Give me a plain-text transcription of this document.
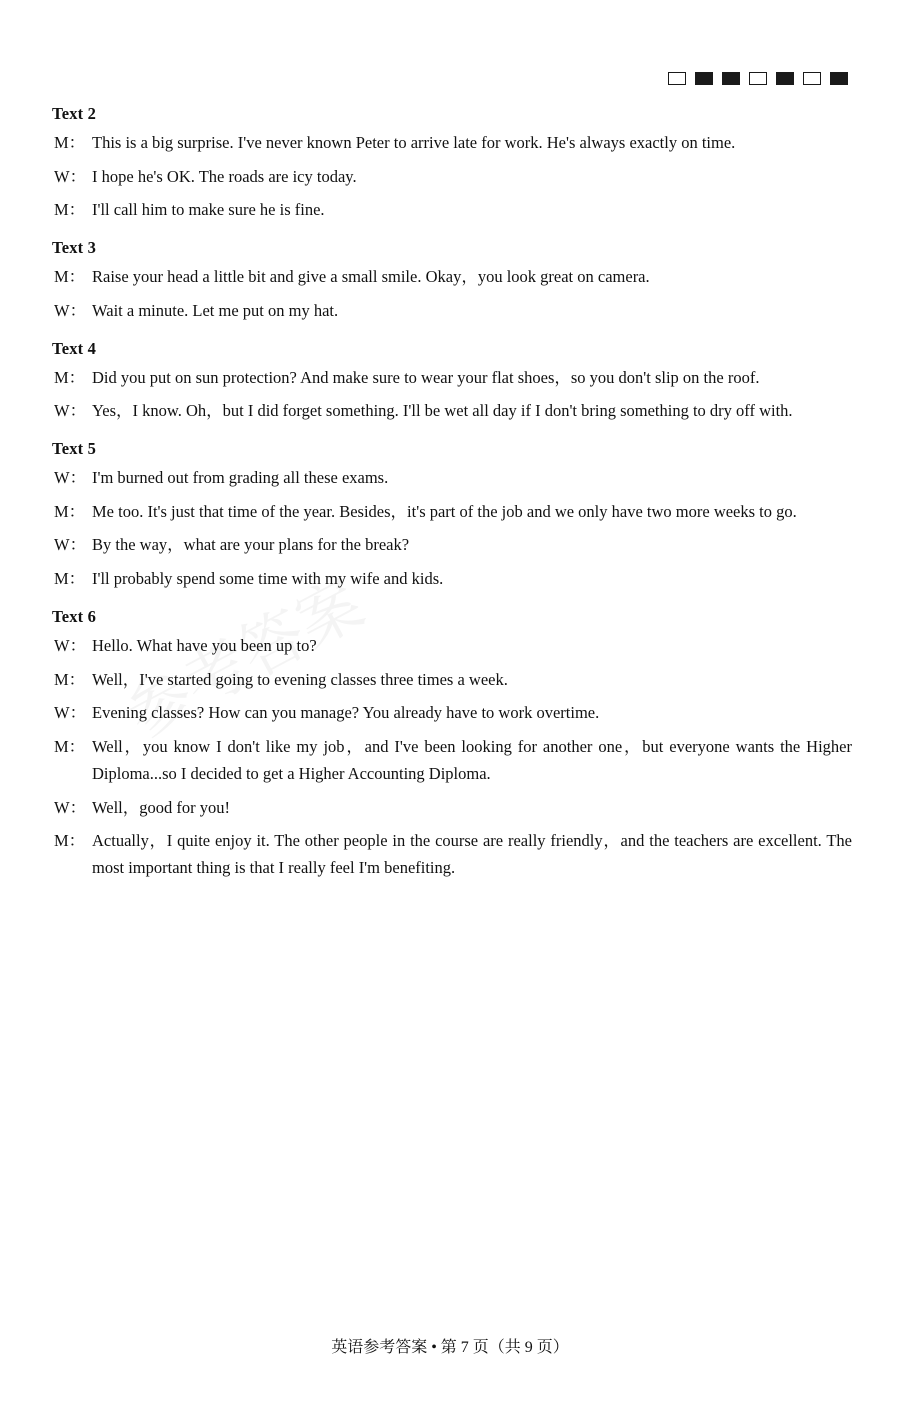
Text 2
M： This is a big surprise. I've never known Peter to arrive late for work. He's always exactly on time.
W： I hope he's OK. The roads are icy today.
M： I'll call him to make sure he is fine.
Text 3
M： Raise your head a little bit and give a small smile. Okay，you look great on camera.
W： Wait a minute. Let me put on my hat.
Text 4
M： Did you put on sun protection? And make sure to wear your flat shoes，so you don't slip on the roof.
W： Yes，I know. Oh，but I did forget something. I'll be wet all day if I don't bring something to dry off with.
Text 5
W： I'm burned out from grading all these exams.
M： Me too. It's just that time of the year. Besides，it's part of the job and we only have two more weeks to go.
W： By the way，what are your plans for the break?
M： I'll probably spend some time with my wife and kids.
Text 6
W： Hello. What have you been up to?
M： Well，I've started going to evening classes three times a week.
W： Evening classes? How can you manage? You already have to work overtime.
M： Well，you know I don't like my job，and I've been looking for another one，but everyone wants the Higher Diploma...so I decided to get a Higher Accounting Diploma.
W： Well，good for you!
M： Actually，I quite enjoy it. The other people in the course are really friendly，and the teachers are excellent. The most important thing is that I really feel I'm benefiting.
英语参考答案 • 第 7 页（共 9 页）
